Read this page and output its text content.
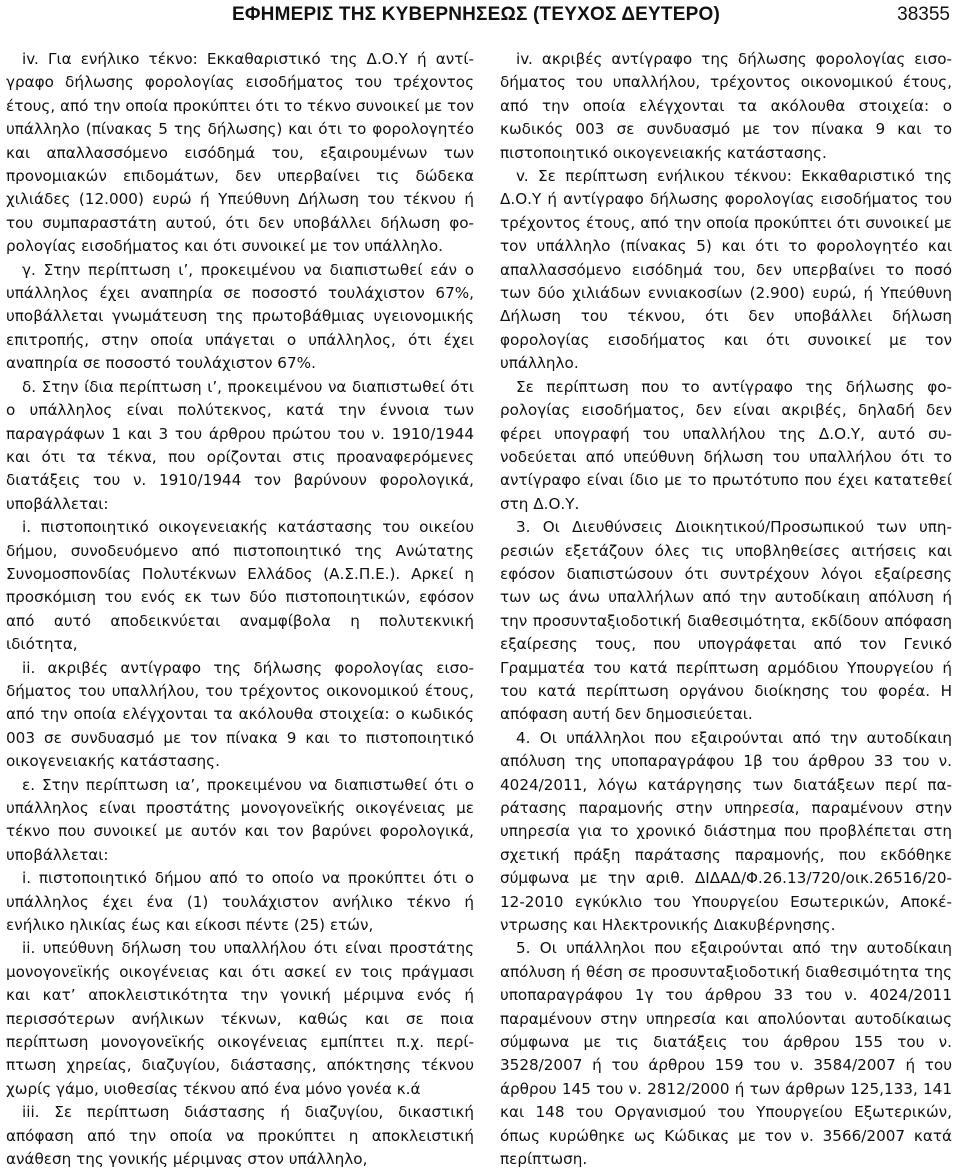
ΕΦΗΜΕΡΙΣ ΤΗΣ ΚΥΒΕΡΝΗΣΕΩΣ (ΤΕΥΧΟΣ ΔΕΥΤΕΡΟ)	38355

iv. Για ενήλικο τέκνο: Εκκαθαριστικό της Δ.Ο.Υ ή αντίγραφο δήλωσης φορολογίας εισοδήματος του τρέχοντος έτους, από την οποία προκύπτει ότι το τέκνο συνοικεί με τον υπάλληλο (πίνακας 5 της δήλωσης) και ότι το φορολογητέο και απαλλασσόμενο εισόδημά του, εξαιρουμένων των προνομιακών επιδομάτων, δεν υπερβαίνει τις δώδεκα χιλιάδες (12.000) ευρώ ή Υπεύθυνη Δήλωση του τέκνου ή του συμπαραστάτη αυτού, ότι δεν υποβάλλει δήλωση φορολογίας εισοδήματος και ότι συνοικεί με τον υπάλληλο.

γ. Στην περίπτωση ι’, προκειμένου να διαπιστωθεί εάν ο υπάλληλος έχει αναπηρία σε ποσοστό τουλάχιστον 67%, υποβάλλεται γνωμάτευση της πρωτοβάθμιας υγειονομικής επιτροπής, στην οποία υπάγεται ο υπάλληλος, ότι έχει αναπηρία σε ποσοστό τουλάχιστον 67%.

δ. Στην ίδια περίπτωση ι’, προκειμένου να διαπιστωθεί ότι ο υπάλληλος είναι πολύτεκνος, κατά την έννοια των παραγράφων 1 και 3 του άρθρου πρώτου του ν. 1910/1944 και ότι τα τέκνα, που ορίζονται στις προαναφερόμενες διατάξεις του ν. 1910/1944 τον βαρύνουν φορολογικά, υποβάλλεται:

i. πιστοποιητικό οικογενειακής κατάστασης του οικείου δήμου, συνοδευόμενο από πιστοποιητικό της Ανώτατης Συνομοσπονδίας Πολυτέκνων Ελλάδος (Α.Σ.Π.Ε.). Αρκεί η προσκόμιση του ενός εκ των δύο πιστοποιητικών, εφόσον από αυτό αποδεικνύεται αναμφίβολα η πολυτεκνική ιδιότητα,

ii. ακριβές αντίγραφο της δήλωσης φορολογίας εισοδήματος του υπαλλήλου, του τρέχοντος οικονομικού έτους, από την οποία ελέγχονται τα ακόλουθα στοιχεία: ο κωδικός 003 σε συνδυασμό με τον πίνακα 9 και το πιστοποιητικό οικογενειακής κατάστασης.

ε. Στην περίπτωση ια’, προκειμένου να διαπιστωθεί ότι ο υπάλληλος είναι προστάτης μονογονεϊκής οικογένειας με τέκνο που συνοικεί με αυτόν και τον βαρύνει φορολογικά, υποβάλλεται:

i. πιστοποιητικό δήμου από το οποίο να προκύπτει ότι ο υπάλληλος έχει ένα (1) τουλάχιστον ανήλικο τέκνο ή ενήλικο ηλικίας έως και είκοσι πέντε (25) ετών,

ii. υπεύθυνη δήλωση του υπαλλήλου ότι είναι προστάτης μονογονεϊκής οικογένειας και ότι ασκεί εν τοις πράγμασι και κατ’ αποκλειστικότητα την γονική μέριμνα ενός ή περισσότερων ανήλικων τέκνων, καθώς και σε ποια περίπτωση μονογονεϊκής οικογένειας εμπίπτει π.χ. περίπτωση χηρείας, διαζυγίου, διάστασης, απόκτησης τέκνου χωρίς γάμο, υιοθεσίας τέκνου από ένα μόνο γονέα κ.ά

iii. Σε περίπτωση διάστασης ή διαζυγίου, δικαστική απόφαση από την οποία να προκύπτει η αποκλειστική ανάθεση της γονικής μέριμνας στον υπάλληλο,

iv. ακριβές αντίγραφο της δήλωσης φορολογίας εισοδήματος του υπαλλήλου, τρέχοντος οικονομικού έτους, από την οποία ελέγχονται τα ακόλουθα στοιχεία: ο κωδικός 003 σε συνδυασμό με τον πίνακα 9 και το πιστοποιητικό οικογενειακής κατάστασης.

v. Σε περίπτωση ενήλικου τέκνου: Εκκαθαριστικό της Δ.Ο.Υ ή αντίγραφο δήλωσης φορολογίας εισοδήματος του τρέχοντος έτους, από την οποία προκύπτει ότι συνοικεί με τον υπάλληλο (πίνακας 5) και ότι το φορολογητέο και απαλλασσόμενο εισόδημά του, δεν υπερβαίνει το ποσό των δύο χιλιάδων εννιακοσίων (2.900) ευρώ, ή Υπεύθυνη Δήλωση του τέκνου, ότι δεν υποβάλλει δήλωση φορολογίας εισοδήματος και ότι συνοικεί με τον υπάλληλο.

Σε περίπτωση που το αντίγραφο της δήλωσης φορολογίας εισοδήματος, δεν είναι ακριβές, δηλαδή δεν φέρει υπογραφή του υπαλλήλου της Δ.Ο.Υ, αυτό συνοδεύεται από υπεύθυνη δήλωση του υπαλλήλου ότι το αντίγραφο είναι ίδιο με το πρωτότυπο που έχει κατατεθεί στη Δ.Ο.Υ.

3. Οι Διευθύνσεις Διοικητικού/Προσωπικού των υπηρεσιών εξετάζουν όλες τις υποβληθείσες αιτήσεις και εφόσον διαπιστώσουν ότι συντρέχουν λόγοι εξαίρεσης των ως άνω υπαλλήλων από την αυτοδίκαιη απόλυση ή την προσυνταξιοδοτική διαθεσιμότητα, εκδίδουν απόφαση εξαίρεσης τους, που υπογράφεται από τον Γενικό Γραμματέα του κατά περίπτωση αρμόδιου Υπουργείου ή του κατά περίπτωση οργάνου διοίκησης του φορέα. Η απόφαση αυτή δεν δημοσιεύεται.

4. Οι υπάλληλοι που εξαιρούνται από την αυτοδίκαιη απόλυση της υποπαραγράφου 1β του άρθρου 33 του ν. 4024/2011, λόγω κατάργησης των διατάξεων περί παράτασης παραμονής στην υπηρεσία, παραμένουν στην υπηρεσία για το χρονικό διάστημα που προβλέπεται στη σχετική πράξη παράτασης παραμονής, που εκδόθηκε σύμφωνα με την αριθ. ΔΙΔΑΔ/Φ.26.13/720/οικ.26516/20-12-2010 εγκύκλιο του Υπουργείου Εσωτερικών, Αποκέντρωσης και Ηλεκτρονικής Διακυβέρνησης.

5. Οι υπάλληλοι που εξαιρούνται από την αυτοδίκαιη απόλυση ή θέση σε προσυνταξιοδοτική διαθεσιμότητα της υποπαραγράφου 1γ του άρθρου 33 του ν. 4024/2011 παραμένουν στην υπηρεσία και απολύονται αυτοδίκαιως σύμφωνα με τις διατάξεις του άρθρου 155 του ν. 3528/2007 ή του άρθρου 159 του ν. 3584/2007 ή του άρθρου 145 του ν. 2812/2000 ή των άρθρων 125,133, 141 και 148 του Οργανισμού του Υπουργείου Εξωτερικών, όπως κυρώθηκε ως Κώδικας με τον ν. 3566/2007 κατά περίπτωση.
